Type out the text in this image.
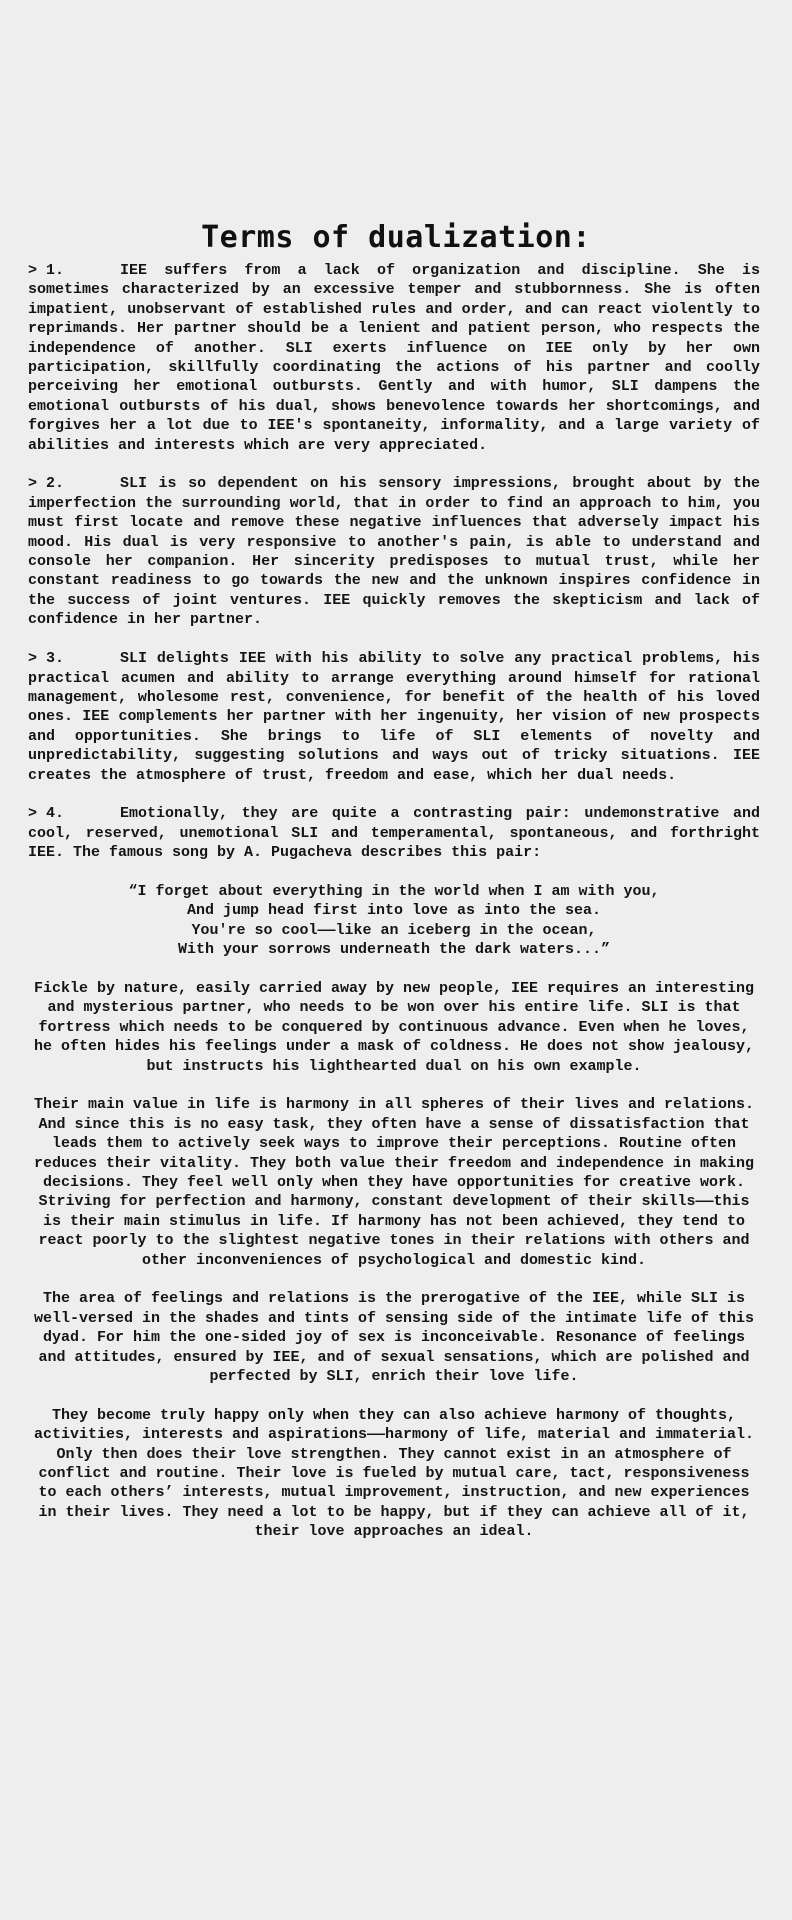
Terms of dualization:

> 1.	IEE suffers from a lack of organization and discipline. She is sometimes characterized by an excessive temper and stubbornness. She is often impatient, unobservant of established rules and order, and can react violently to reprimands. Her partner should be a lenient and patient person, who respects the independence of another. SLI exerts influence on IEE only by her own participation, skillfully coordinating the actions of his partner and coolly perceiving her emotional outbursts. Gently and with humor, SLI dampens the emotional outbursts of his dual, shows benevolence towards her shortcomings, and forgives her a lot due to IEE's spontaneity, informality, and a large variety of abilities and interests which are very appreciated.

> 2.	SLI is so dependent on his sensory impressions, brought about by the imperfection the surrounding world, that in order to find an approach to him, you must first locate and remove these negative influences that adversely impact his mood. His dual is very responsive to another's pain, is able to understand and console her companion. Her sincerity predisposes to mutual trust, while her constant readiness to go towards the new and the unknown inspires confidence in the success of joint ventures. IEE quickly removes the skepticism and lack of confidence in her partner.

> 3.	SLI delights IEE with his ability to solve any practical problems, his practical acumen and ability to arrange everything around himself for rational management, wholesome rest, convenience, for benefit of the health of his loved ones. IEE complements her partner with her ingenuity, her vision of new prospects and opportunities. She brings to life of SLI elements of novelty and unpredictability, suggesting solutions and ways out of tricky situations. IEE creates the atmosphere of trust, freedom and ease, which her dual needs.

> 4.	Emotionally, they are quite a contrasting pair: undemonstrative and cool, reserved, unemotional SLI and temperamental, spontaneous, and forthright IEE. The famous song by A. Pugacheva describes this pair:

“I forget about everything in the world when I am with you,
And jump head first into love as into the sea.
You're so cool——like an iceberg in the ocean,
With your sorrows underneath the dark waters...”

Fickle by nature, easily carried away by new people, IEE requires an interesting and mysterious partner, who needs to be won over his entire life. SLI is that fortress which needs to be conquered by continuous advance. Even when he loves, he often hides his feelings under a mask of coldness. He does not show jealousy, but instructs his lighthearted dual on his own example.

Their main value in life is harmony in all spheres of their lives and relations. And since this is no easy task, they often have a sense of dissatisfaction that leads them to actively seek ways to improve their perceptions. Routine often reduces their vitality. They both value their freedom and independence in making decisions. They feel well only when they have opportunities for creative work. Striving for perfection and harmony, constant development of their skills——this is their main stimulus in life. If harmony has not been achieved, they tend to react poorly to the slightest negative tones in their relations with others and other inconveniences of psychological and domestic kind.

The area of feelings and relations is the prerogative of the IEE, while SLI is well-versed in the shades and tints of sensing side of the intimate life of this dyad. For him the one-sided joy of sex is inconceivable. Resonance of feelings and attitudes, ensured by IEE, and of sexual sensations, which are polished and perfected by SLI, enrich their love life.

They become truly happy only when they can also achieve harmony of thoughts, activities, interests and aspirations——harmony of life, material and immaterial. Only then does their love strengthen. They cannot exist in an atmosphere of conflict and routine. Their love is fueled by mutual care, tact, responsiveness to each others’ interests, mutual improvement, instruction, and new experiences in their lives. They need a lot to be happy, but if they can achieve all of it, their love approaches an ideal.
